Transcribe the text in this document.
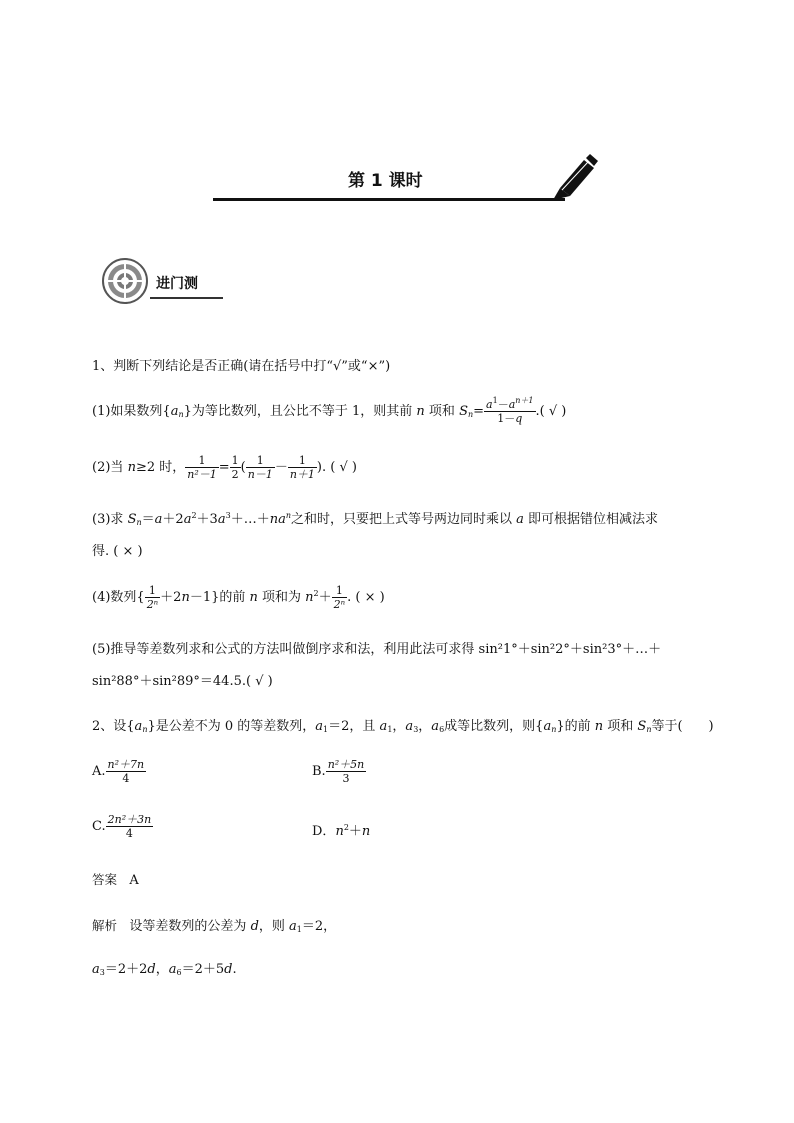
第 1 课时
进门测
1、判断下列结论是否正确(请在括号中打“√”或“×”)
(1)如果数列$\{a_n\}$为等比数列，且公比不等于 1，则其前 n 项和 $S_n= \frac{a^1-a^{n+1}}{1-q}$ .( √ )
(2)当 n≥2 时， $\frac{1}{\text{n²－1}} = \frac{1}{2}$ ( $\frac{1}{n-1} - \frac{1}{n+1}$ ). ( √ )
(3)求 $S_n=a+2a^2+3a^3+\dots+na^n$之和时，只要把上式等号两边同时乘以 a 即可根据错位相减法求
得. ( × )
(4)数列{ $\frac{1}{\text{2ⁿ}} +2n-1$}的前 n 项和为 $n^2+ \frac{1}{\text{2ⁿ}}$ . ( × )
(5)推导等差数列求和公式的方法叫做倒序求和法，利用此法可求得 sin²1°＋sin²2°＋sin²3°＋…＋
sin²88°＋sin²89°＝44.5.( √ )
2、设$\{a_n\}$是公差不为 0 的等差数列，$a_1=2$，且 $a_1$，$a_3$，$a_6$成等比数列，则$\{a_n\}$的前 n 项和 $S_n$等于(　　)
A. $\frac{\text{n²＋7n}}{4}$	B. $\frac{\text{n²＋5n}}{3}$
C. $\frac{\text{2n²＋3n}}{4}$	D．$n^2+n$
答案 A
解析 设等差数列的公差为 d，则 $a_1=2$，
$a_3=2+2d$，$a_6=2+5d$.
